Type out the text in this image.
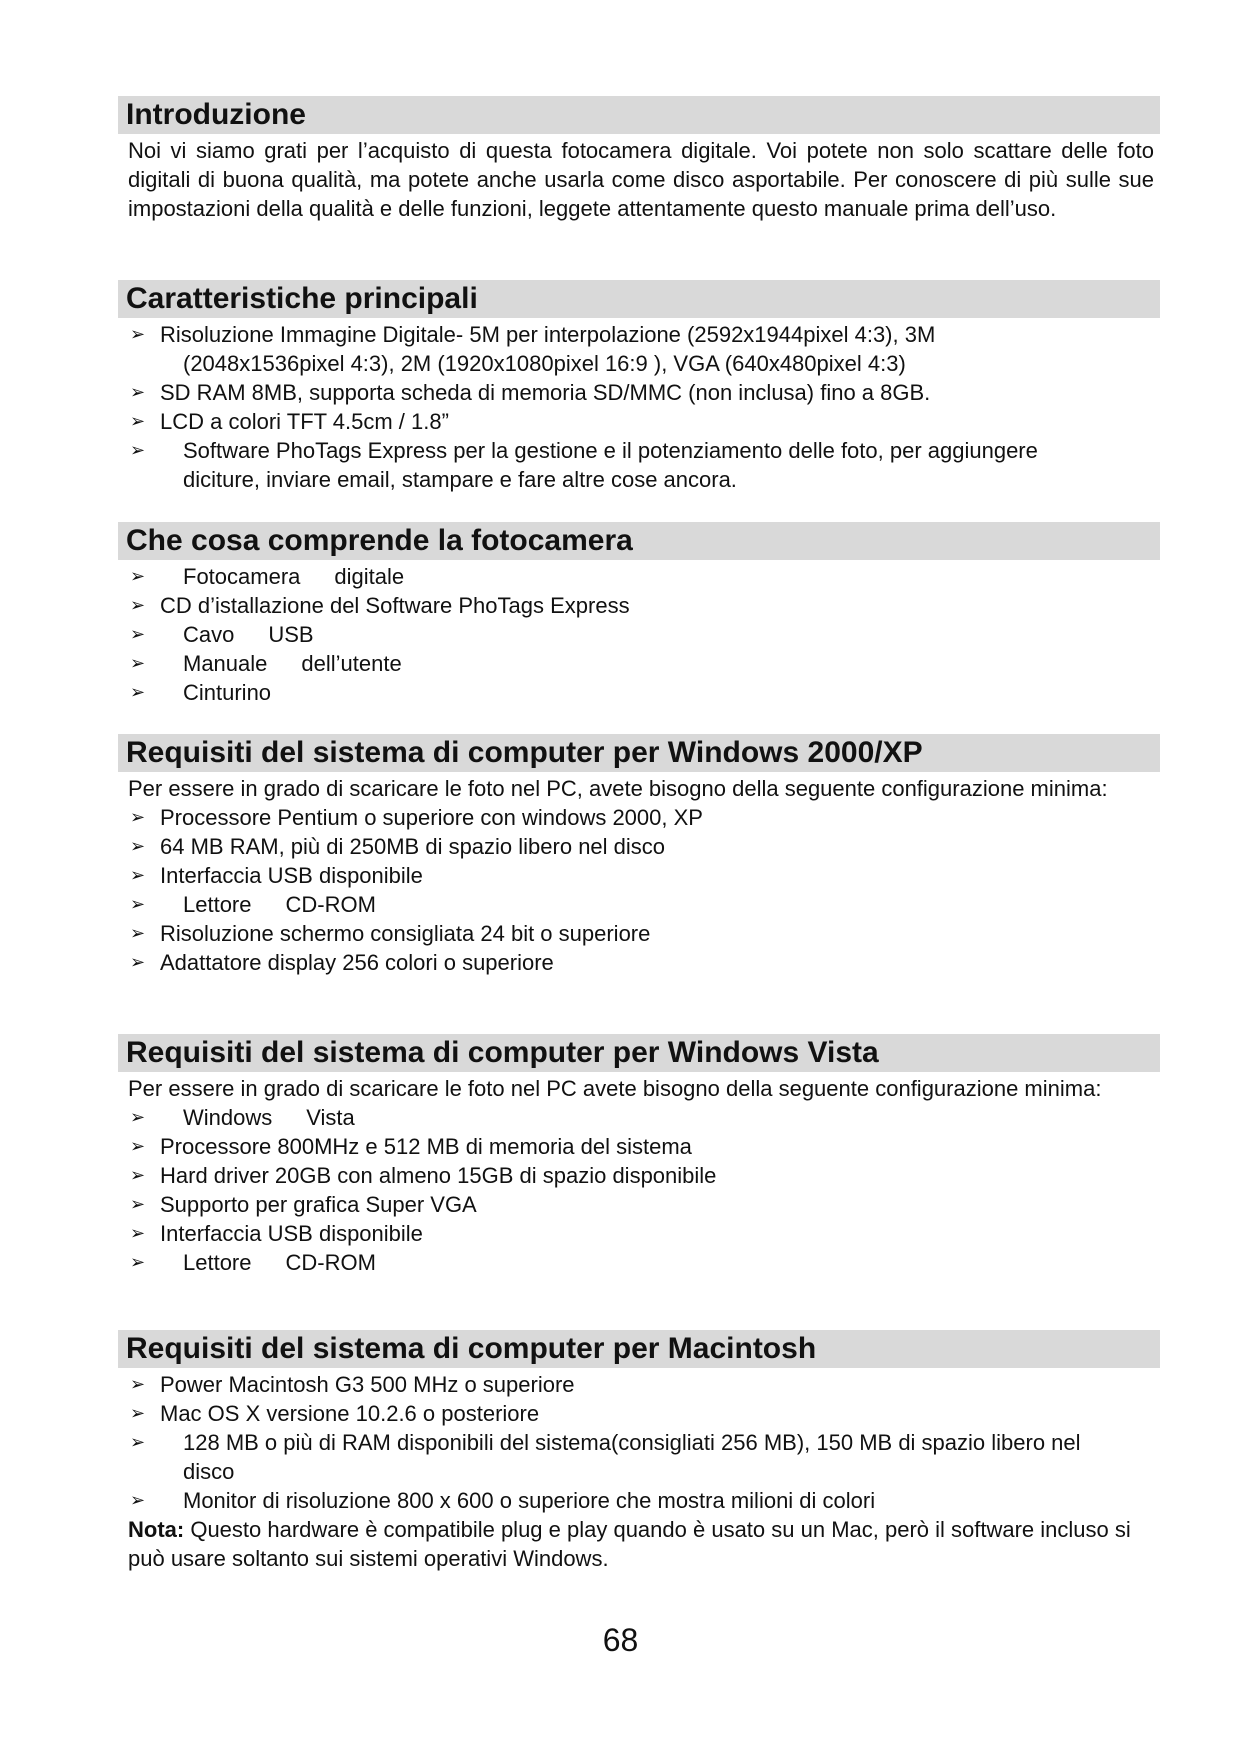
Introduzione
Noi vi siamo grati per l’acquisto di questa fotocamera digitale. Voi potete non solo scattare delle foto digitali di buona qualità, ma potete anche usarla come disco asportabile. Per conoscere di più sulle sue impostazioni della qualità e delle funzioni, leggete attentamente questo manuale prima dell’uso.
Caratteristiche principali
➢ Risoluzione Immagine Digitale- 5M per interpolazione (2592x1944pixel 4:3), 3M
(2048x1536pixel 4:3), 2M (1920x1080pixel 16:9 ), VGA (640x480pixel 4:3)
➢ SD RAM 8MB, supporta scheda di memoria SD/MMC (non inclusa) fino a 8GB.
➢ LCD a colori TFT 4.5cm / 1.8”
➢ Software PhoTags Express per la gestione e il potenziamento delle foto, per aggiungere
diciture, inviare email, stampare e fare altre cose ancora.
Che cosa comprende la fotocamera
➢ Fotocamera digitale
➢ CD d’istallazione del Software PhoTags Express
➢ Cavo USB
➢ Manuale dell’utente
➢ Cinturino
Requisiti del sistema di computer per Windows 2000/XP
Per essere in grado di scaricare le foto nel PC, avete bisogno della seguente configurazione minima:
➢ Processore Pentium o superiore con windows 2000, XP
➢ 64 MB RAM, più di 250MB di spazio libero nel disco
➢ Interfaccia USB disponibile
➢ Lettore CD-ROM
➢ Risoluzione schermo consigliata 24 bit o superiore
➢ Adattatore display 256 colori o superiore
Requisiti del sistema di computer per Windows Vista
Per essere in grado di scaricare le foto nel PC avete bisogno della seguente configurazione minima:
➢ Windows Vista
➢ Processore 800MHz e 512 MB di memoria del sistema
➢ Hard driver 20GB con almeno 15GB di spazio disponibile
➢ Supporto per grafica Super VGA
➢ Interfaccia USB disponibile
➢ Lettore CD-ROM
Requisiti del sistema di computer per Macintosh
➢ Power Macintosh G3 500 MHz o superiore
➢ Mac OS X versione 10.2.6 o posteriore
➢ 128 MB o più di RAM disponibili del sistema(consigliati 256 MB), 150 MB di spazio libero nel
disco
➢ Monitor di risoluzione 800 x 600 o superiore che mostra milioni di colori
Nota: Questo hardware è compatibile plug e play quando è usato su un Mac, però il software incluso si può usare soltanto sui sistemi operativi Windows.
68
